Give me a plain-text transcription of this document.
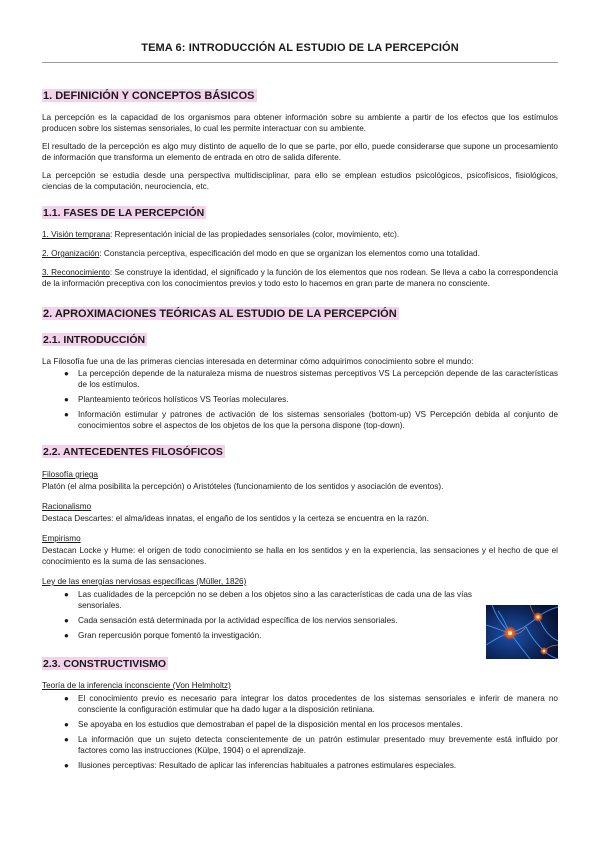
TEMA 6: INTRODUCCIÓN AL ESTUDIO DE LA PERCEPCIÓN
1. DEFINICIÓN Y CONCEPTOS BÁSICOS

La percepción es la capacidad de los organismos para obtener información sobre su ambiente a partir de los efectos que los estímulos producen sobre los sistemas sensoriales, lo cual les permite interactuar con su ambiente.

El resultado de la percepción es algo muy distinto de aquello de lo que se parte, por ello, puede considerarse que supone un procesamiento de información que transforma un elemento de entrada en otro de salida diferente.

La percepción se estudia desde una perspectiva multidisciplinar, para ello se emplean estudios psicológicos, psicofísicos, fisiológicos, ciencias de la computación, neurociencia, etc.

1.1. FASES DE LA PERCEPCIÓN

1. Visión temprana: Representación inicial de las propiedades sensoriales (color, movimiento, etc).

2. Organización: Constancia perceptiva, especificación del modo en que se organizan los elementos como una totalidad.

3. Reconocimiento: Se construye la identidad, el significado y la función de los elementos que nos rodean. Se lleva a cabo la correspondencia de la información preceptiva con los conocimientos previos y todo esto lo hacemos en gran parte de manera no consciente.

2. APROXIMACIONES TEÓRICAS AL ESTUDIO DE LA PERCEPCIÓN
2.1. INTRODUCCIÓN

La Filosofía fue una de las primeras ciencias interesada en determinar cómo adquirimos conocimiento sobre el mundo:

● La percepción depende de la naturaleza misma de nuestros sistemas perceptivos VS La percepción depende de las características de los estímulos.
● Planteamiento teóricos holísticos VS Teorías moleculares.
● Información estimular y patrones de activación de los sistemas sensoriales (bottom-up) VS Percepción debida al conjunto de conocimientos sobre el aspectos de los objetos de los que la persona dispone (top-down).
2.2. ANTECEDENTES FILOSÓFICOS

Filosofía griega

Platón (el alma posibilita la percepción) o Aristóteles (funcionamiento de los sentidos y asociación de eventos).

Racionalismo

Destaca Descartes: el alma/ideas innatas, el engaño de los sentidos y la certeza se encuentra en la razón.

Empirismo

Destacan Locke y Hume: el origen de todo conocimiento se halla en los sentidos y en la experiencia, las sensaciones y el hecho de que el conocimiento es la suma de las sensaciones.

Ley de las energías nerviosas específicas (Müller, 1826)

● Las cualidades de la percepción no se deben a los objetos sino a las características de cada una de las vías sensoriales.
● Cada sensación está determinada por la actividad específica de los nervios sensoriales.
● Gran repercusión porque fomentó la investigación.
2.3. CONSTRUCTIVISMO

Teoría de la inferencia inconsciente (Von Helmholtz)

● El conocimiento previo es necesario para integrar los datos procedentes de los sistemas sensoriales e inferir de manera no consciente la configuración estimular que ha dado lugar a la disposición retiniana.
● Se apoyaba en los estudios que demostraban el papel de la disposición mental en los procesos mentales.
● La información que un sujeto detecta conscientemente de un patrón estimular presentado muy brevemente está influido por factores como las instrucciones (Külpe, 1904) o el aprendizaje.
● Ilusiones perceptivas: Resultado de aplicar las inferencias habituales a patrones estimulares especiales.
